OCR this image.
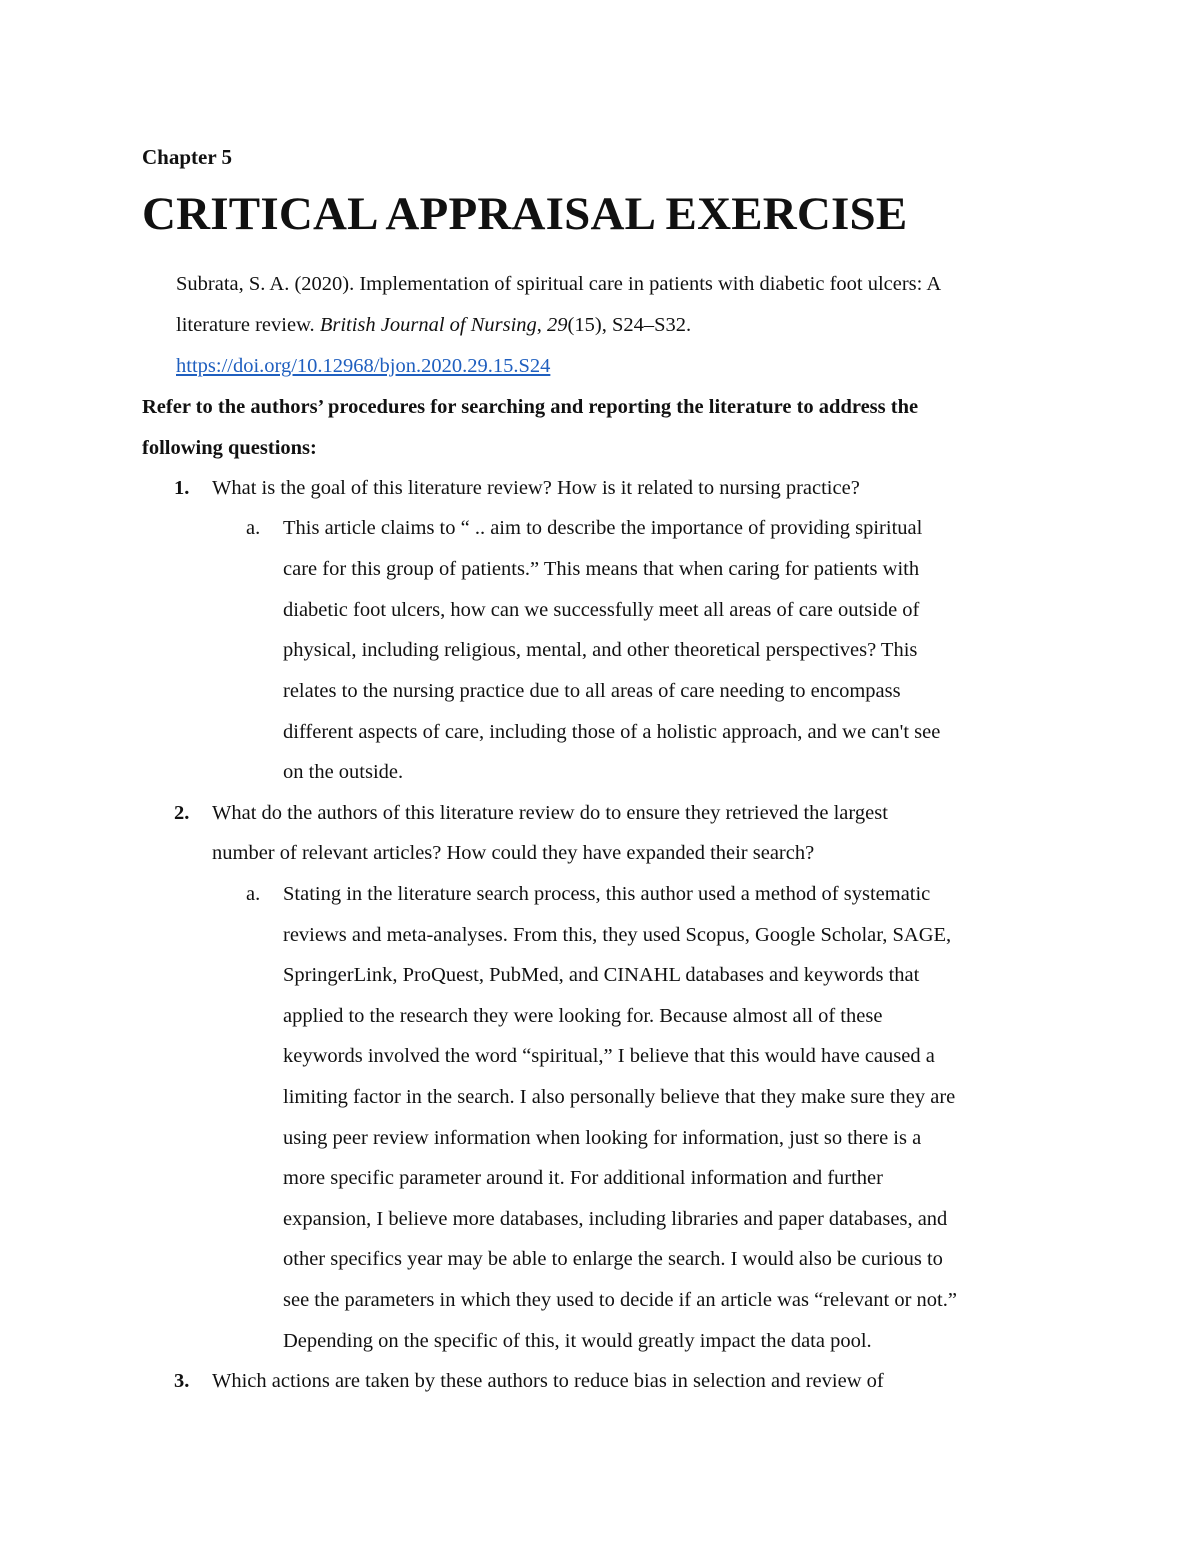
Chapter 5
CRITICAL APPRAISAL EXERCISE
Subrata, S. A. (2020). Implementation of spiritual care in patients with diabetic foot ulcers: A
literature review. British Journal of Nursing, 29(15), S24–S32.
https://doi.org/10.12968/bjon.2020.29.15.S24
Refer to the authors’ procedures for searching and reporting the literature to address the
following questions:
1. What is the goal of this literature review? How is it related to nursing practice?
a. This article claims to “ .. aim to describe the importance of providing spiritual
care for this group of patients.” This means that when caring for patients with
diabetic foot ulcers, how can we successfully meet all areas of care outside of
physical, including religious, mental, and other theoretical perspectives? This
relates to the nursing practice due to all areas of care needing to encompass
different aspects of care, including those of a holistic approach, and we can't see
on the outside.
2. What do the authors of this literature review do to ensure they retrieved the largest
number of relevant articles? How could they have expanded their search?
a. Stating in the literature search process, this author used a method of systematic
reviews and meta-analyses. From this, they used Scopus, Google Scholar, SAGE,
SpringerLink, ProQuest, PubMed, and CINAHL databases and keywords that
applied to the research they were looking for. Because almost all of these
keywords involved the word “spiritual,” I believe that this would have caused a
limiting factor in the search. I also personally believe that they make sure they are
using peer review information when looking for information, just so there is a
more specific parameter around it. For additional information and further
expansion, I believe more databases, including libraries and paper databases, and
other specifics year may be able to enlarge the search. I would also be curious to
see the parameters in which they used to decide if an article was “relevant or not.”
Depending on the specific of this, it would greatly impact the data pool.
3. Which actions are taken by these authors to reduce bias in selection and review of
